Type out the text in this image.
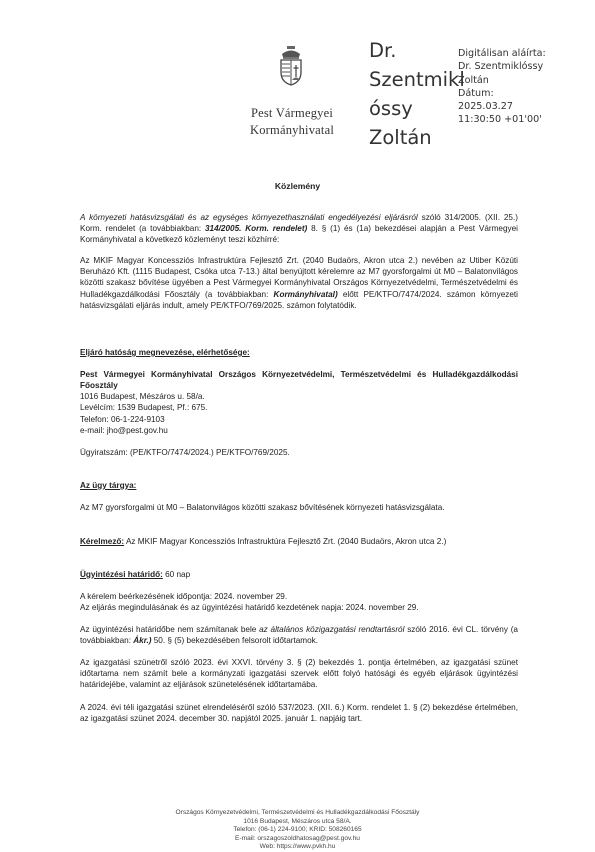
Pest Vármegyei
Kormányhivatal
Dr.
Szentmikl
óssy
Zoltán
Digitálisan aláírta:
Dr. Szentmiklóssy
Zoltán
Dátum:
2025.03.27
11:30:50 +01'00'
Közlemény
A környezeti hatásvizsgálati és az egységes környezethasználati engedélyezési eljárásról szóló 314/2005. (XII. 25.) Korm. rendelet (a továbbiakban: 314/2005. Korm. rendelet) 8. § (1) és (1a) bekezdései alapján a Pest Vármegyei Kormányhivatal a következő közleményt teszi közhírré:
Az MKIF Magyar Koncessziós Infrastruktúra Fejlesztő Zrt. (2040 Budaörs, Akron utca 2.) nevében az Utiber Közúti Beruházó Kft. (1115 Budapest, Csóka utca 7-13.) által benyújtott kérelemre az M7 gyorsforgalmi út M0 – Balatonvilágos közötti szakasz bővítése ügyében a Pest Vármegyei Kormányhivatal Országos Környezetvédelmi, Természetvédelmi és Hulladékgazdálkodási Főosztály (a továbbiakban: Kormányhivatal) előtt PE/KTFO/7474/2024. számon környezeti hatásvizsgálati eljárás indult, amely PE/KTFO/769/2025. számon folytatódik.
Eljáró hatóság megnevezése, elérhetősége:
Pest Vármegyei Kormányhivatal Országos Környezetvédelmi, Természetvédelmi és Hulladékgazdálkodási Főosztály
1016 Budapest, Mészáros u. 58/a.
Levélcím: 1539 Budapest, Pf.: 675.
Telefon: 06-1-224-9103
e-mail: jho@pest.gov.hu
Ügyiratszám: (PE/KTFO/7474/2024.) PE/KTFO/769/2025.
Az ügy tárgya:
Az M7 gyorsforgalmi út M0 – Balatonvilágos közötti szakasz bővítésének környezeti hatásvizsgálata.
Kérelmező: Az MKIF Magyar Koncessziós Infrastruktúra Fejlesztő Zrt. (2040 Budaörs, Akron utca 2.)
Ügyintézési határidő: 60 nap
A kérelem beérkezésének időpontja: 2024. november 29.
Az eljárás megindulásának és az ügyintézési határidő kezdetének napja: 2024. november 29.
Az ügyintézési határidőbe nem számítanak bele az általános közigazgatási rendtartásról szóló 2016. évi CL. törvény (a továbbiakban: Ákr.) 50. § (5) bekezdésében felsorolt időtartamok.
Az igazgatási szünetről szóló 2023. évi XXVI. törvény 3. § (2) bekezdés 1. pontja értelmében, az igazgatási szünet időtartama nem számít bele a kormányzati igazgatási szervek előtt folyó hatósági és egyéb eljárások ügyintézési határidejébe, valamint az eljárások szünetelésének időtartamába.
A 2024. évi téli igazgatási szünet elrendeléséről szóló 537/2023. (XII. 6.) Korm. rendelet 1. § (2) bekezdése értelmében, az igazgatási szünet 2024. december 30. napjától 2025. január 1. napjáig tart.
Országos Környezetvédelmi, Természetvédelmi és Hulladékgazdálkodási Főosztály
1016 Budapest, Mészáros utca 58/A.
Telefon: (06-1) 224-9100; KRID: 508260165
E-mail: orszagoszoldhatosag@pest.gov.hu
Web: https://www.pvkh.hu
